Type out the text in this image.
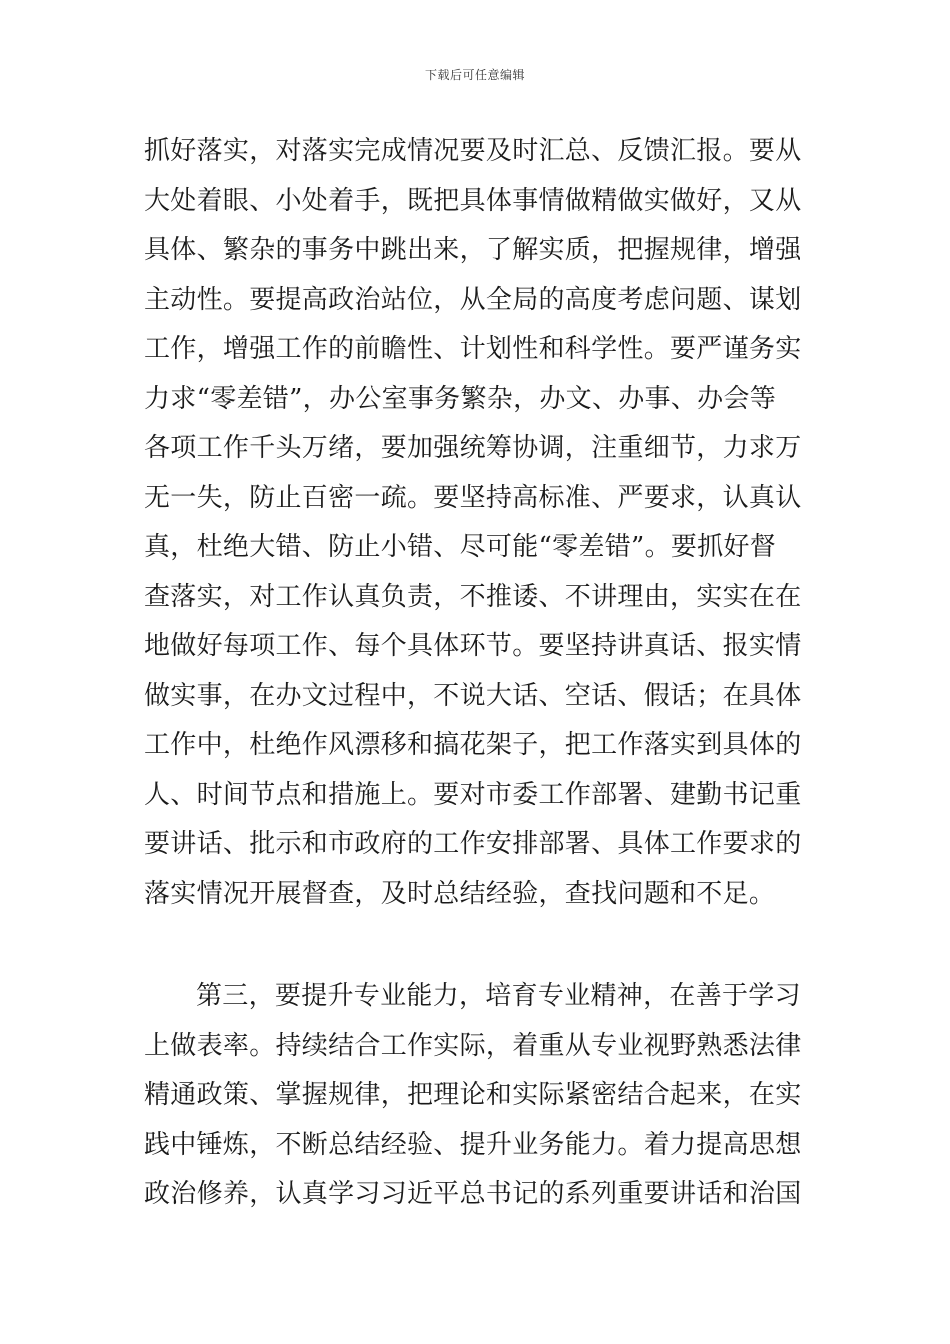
下载后可任意编辑
抓好落实，对落实完成情况要及时汇总、反馈汇报。要从
大处着眼、小处着手，既把具体事情做精做实做好，又从
具体、繁杂的事务中跳出来，了解实质，把握规律，增强
主动性。要提高政治站位，从全局的高度考虑问题、谋划
工作，增强工作的前瞻性、计划性和科学性。要严谨务实
力求“零差错”，办公室事务繁杂，办文、办事、办会等
各项工作千头万绪，要加强统筹协调，注重细节，力求万
无一失，防止百密一疏。要坚持高标准、严要求，认真认
真，杜绝大错、防止小错、尽可能“零差错”。要抓好督
查落实，对工作认真负责，不推诿、不讲理由，实实在在
地做好每项工作、每个具体环节。要坚持讲真话、报实情
做实事，在办文过程中，不说大话、空话、假话；在具体
工作中，杜绝作风漂移和搞花架子，把工作落实到具体的
人、时间节点和措施上。要对市委工作部署、建勤书记重
要讲话、批示和市政府的工作安排部署、具体工作要求的
落实情况开展督查，及时总结经验，查找问题和不足。
第三，要提升专业能力，培育专业精神，在善于学习
上做表率。持续结合工作实际，着重从专业视野熟悉法律
精通政策、掌握规律，把理论和实际紧密结合起来，在实
践中锤炼，不断总结经验、提升业务能力。着力提高思想
政治修养，认真学习习近平总书记的系列重要讲话和治国
